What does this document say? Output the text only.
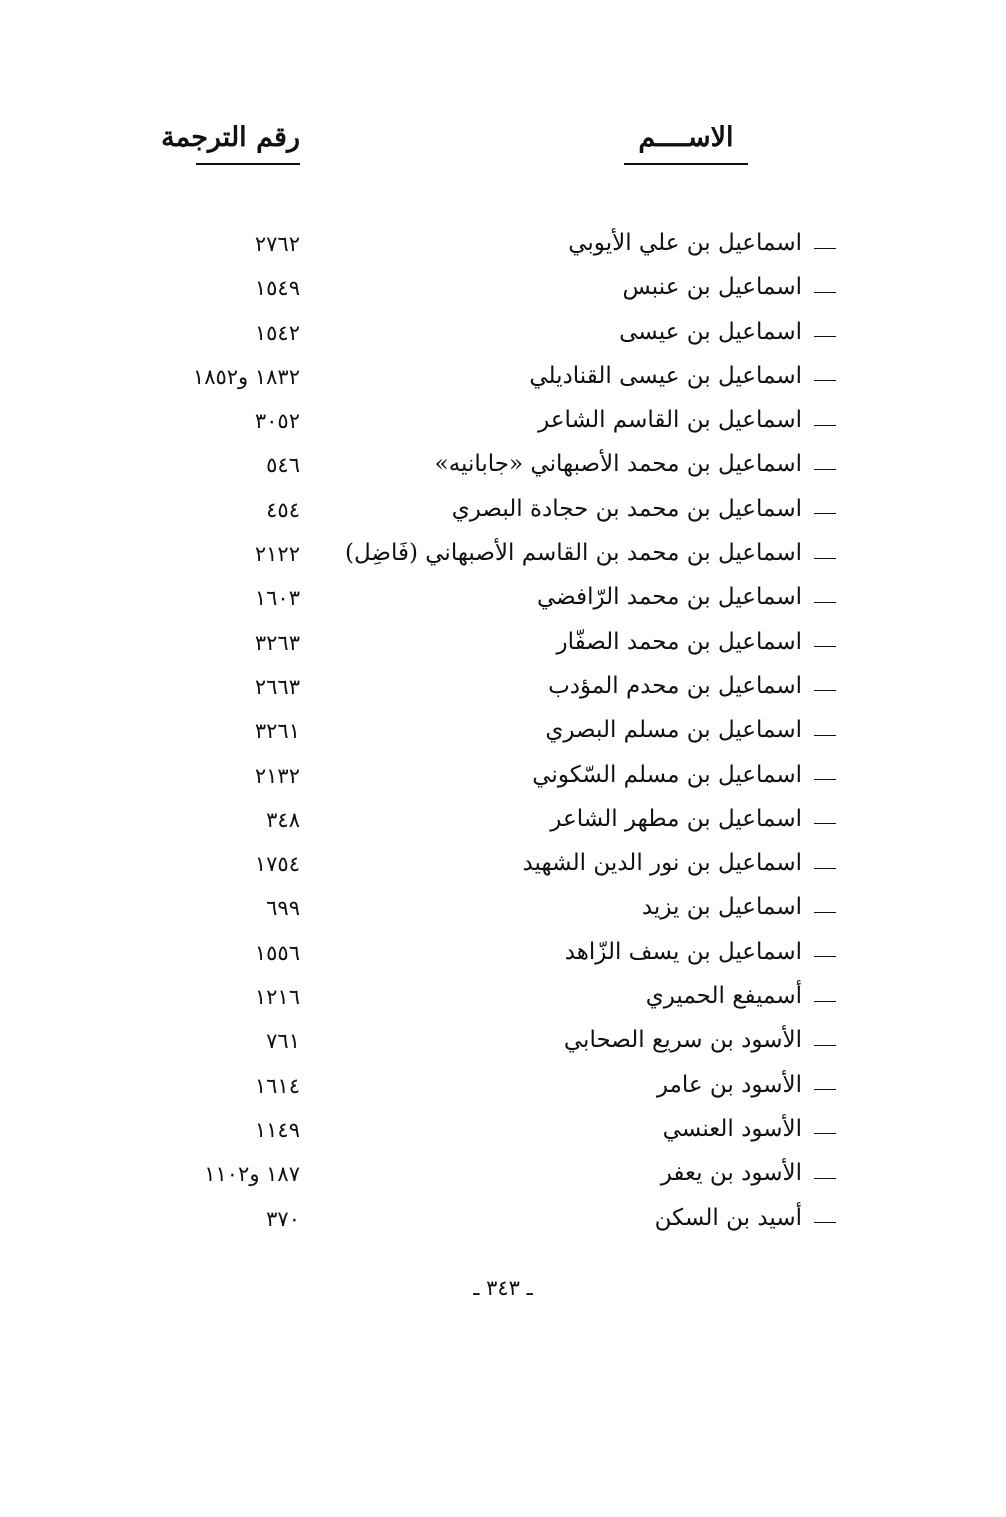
الاســــم
رقم الترجمة
اسماعيل بن علي الأيوبي
٢٧٦٢
اسماعيل بن عنبس
١٥٤٩
اسماعيل بن عيسى
١٥٤٢
اسماعيل بن عيسى القناديلي
١٨٣٢ و١٨٥٢
اسماعيل بن القاسم الشاعر
٣٠٥٢
اسماعيل بن محمد الأصبهاني «جابانيه»
٥٤٦
اسماعيل بن محمد بن حجادة البصري
٤٥٤
اسماعيل بن محمد بن القاسم الأصبهاني (فَاضِل)
٢١٢٢
اسماعيل بن محمد الرّافضي
١٦٠٣
اسماعيل بن محمد الصفّار
٣٢٦٣
اسماعيل بن محدم المؤدب
٢٦٦٣
اسماعيل بن مسلم البصري
٣٢٦١
اسماعيل بن مسلم السّكوني
٢١٣٢
اسماعيل بن مطهر الشاعر
٣٤٨
اسماعيل بن نور الدين الشهيد
١٧٥٤
اسماعيل بن يزيد
٦٩٩
اسماعيل بن يسف الزّاهد
١٥٥٦
أسميفع الحميري
١٢١٦
الأسود بن سريع الصحابي
٧٦١
الأسود بن عامر
١٦١٤
الأسود العنسي
١١٤٩
الأسود بن يعفر
١٨٧ و١١٠٢
أسيد بن السكن
٣٧٠
ـ ٣٤٣ ـ
